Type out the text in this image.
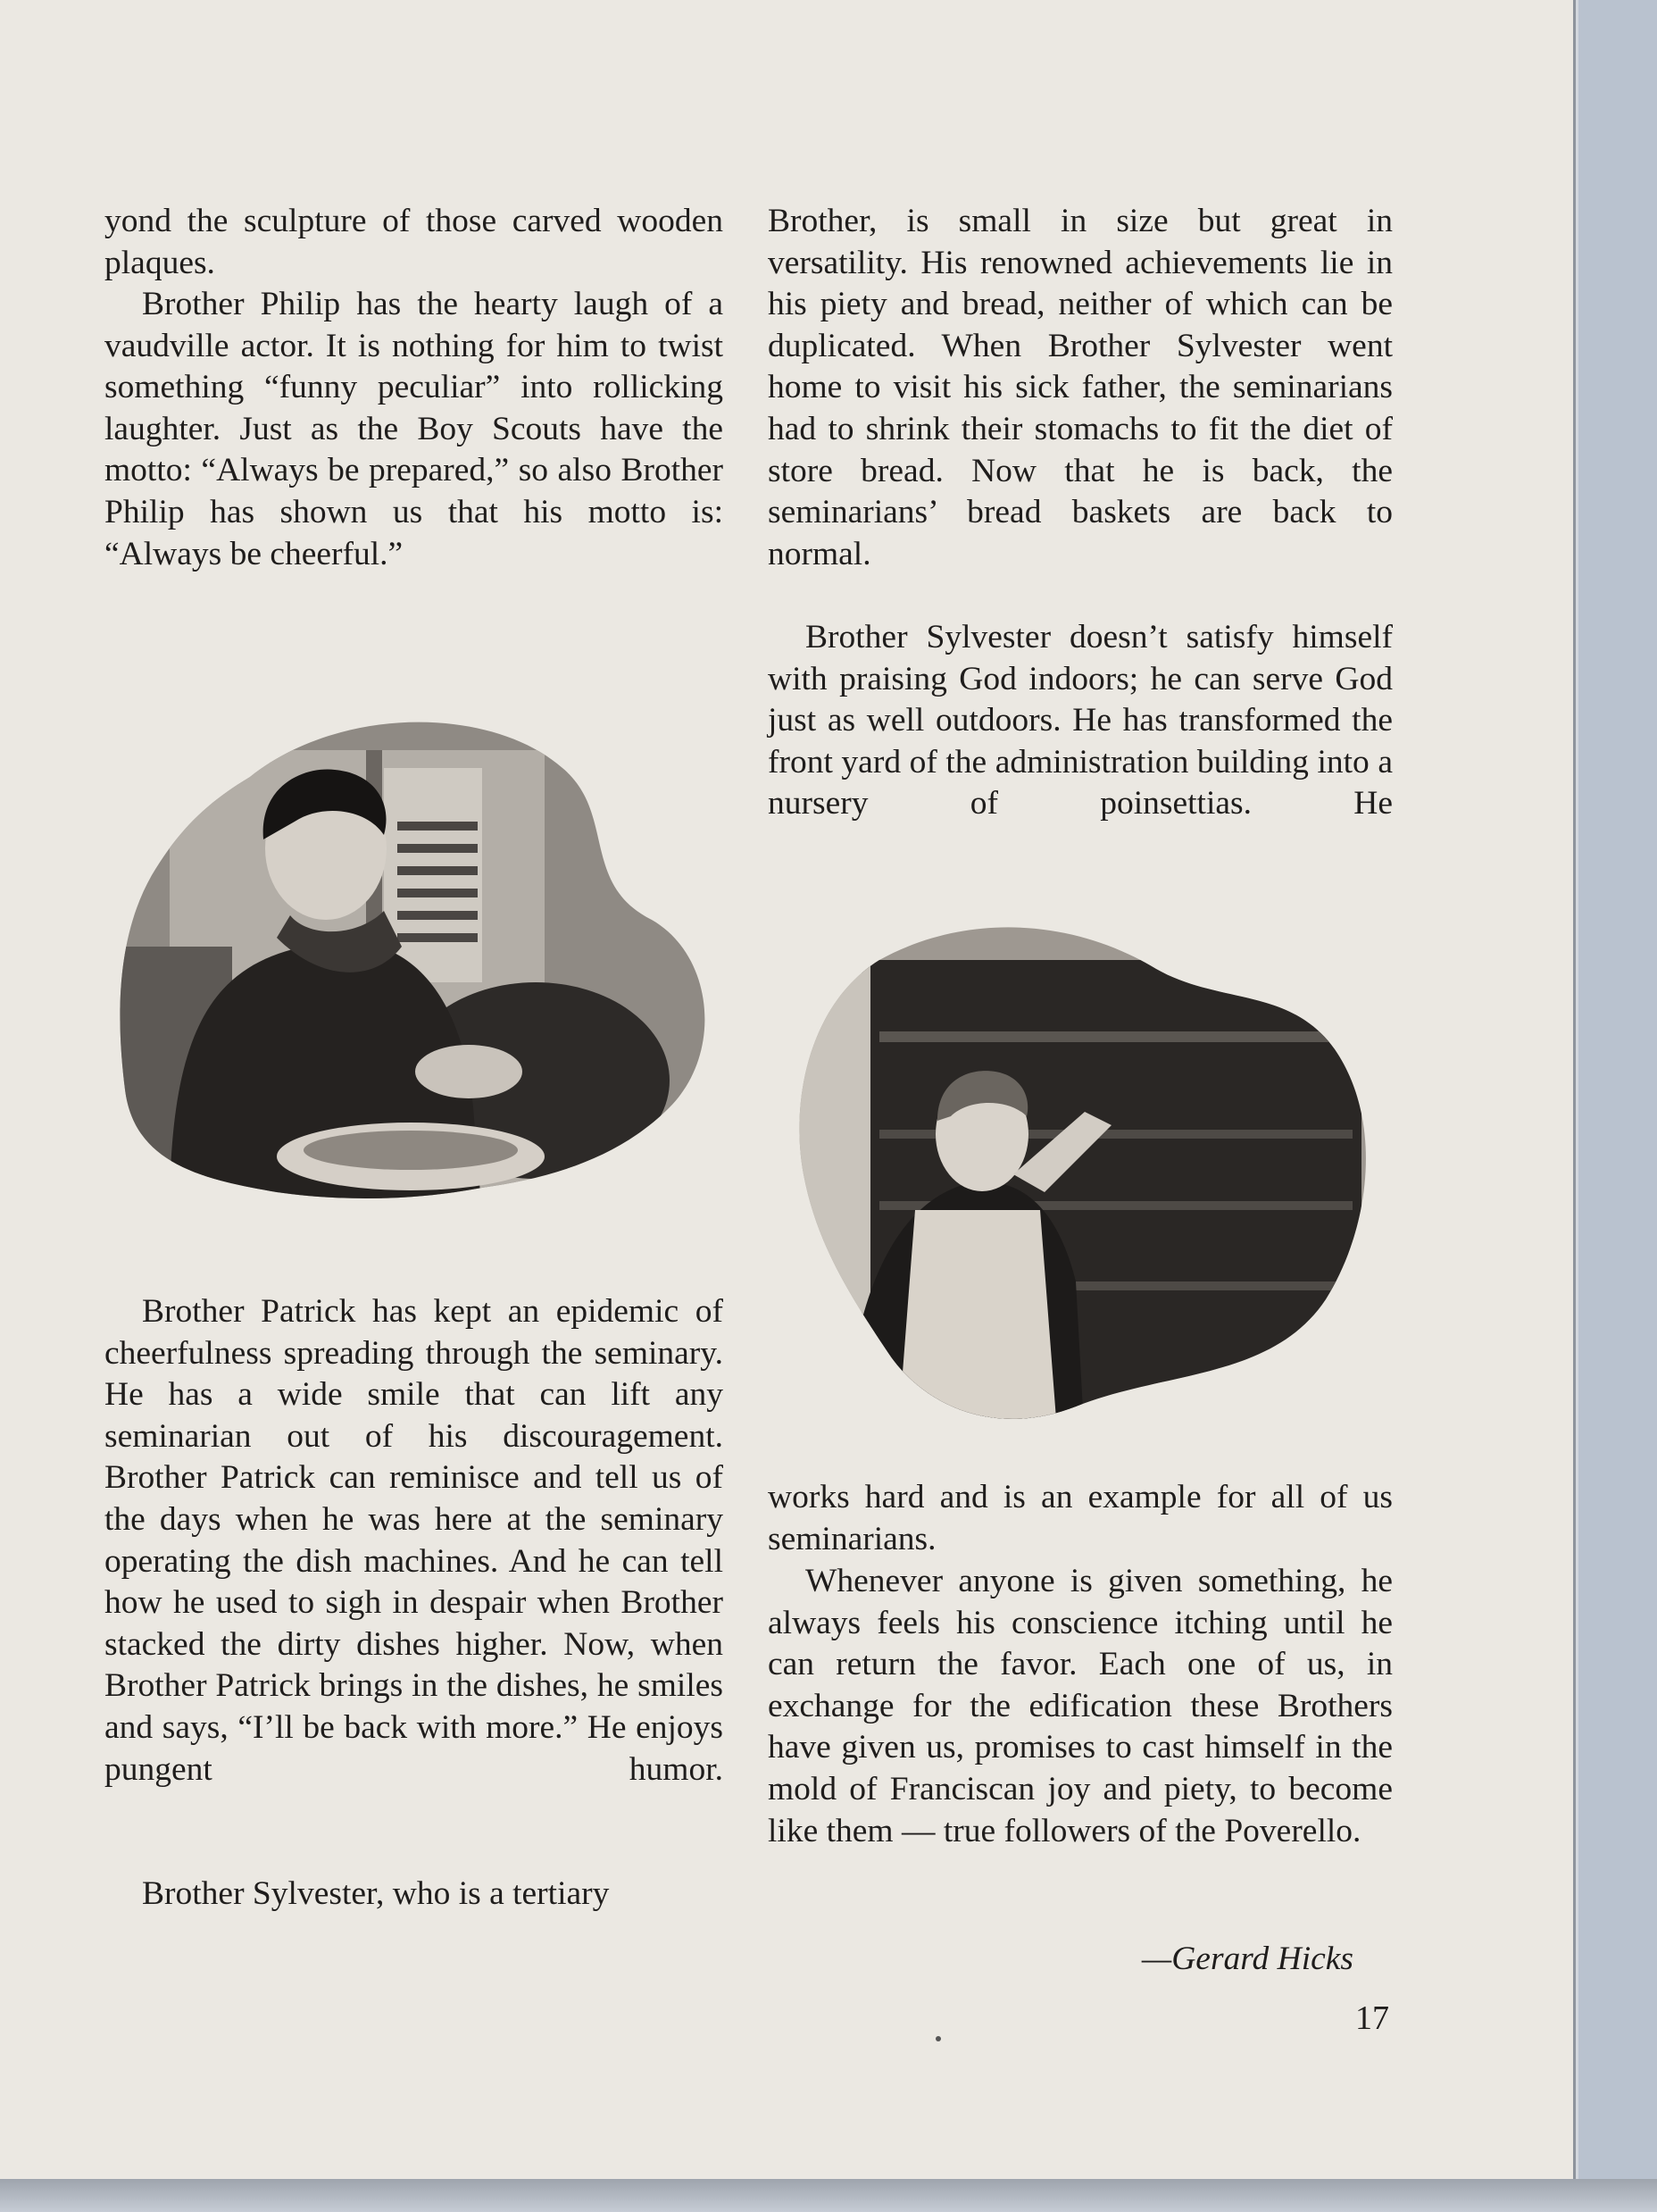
yond the sculpture of those carved wooden plaques.

Brother Philip has the hearty laugh of a vaudville actor. It is nothing for him to twist something “funny peculiar” into rollicking laughter. Just as the Boy Scouts have the motto: “Always be prepared,” so also Brother Philip has shown us that his motto is: “Always be cheerful.”

Brother Patrick has kept an epidemic of cheerfulness spreading through the seminary. He has a wide smile that can lift any seminarian out of his discouragement. Brother Patrick can reminisce and tell us of the days when he was here at the seminary operating the dish machines. And he can tell how he used to sigh in despair when Brother stacked the dirty dishes higher. Now, when Brother Patrick brings in the dishes, he smiles and says, “I’ll be back with more.” He enjoys pungent humor.

Brother Sylvester, who is a tertiary

Brother, is small in size but great in versatility. His renowned achievements lie in his piety and bread, neither of which can be duplicated. When Brother Sylvester went home to visit his sick father, the seminarians had to shrink their stomachs to fit the diet of store bread. Now that he is back, the seminarians’ bread baskets are back to normal.

Brother Sylvester doesn’t satisfy himself with praising God indoors; he can serve God just as well outdoors. He has transformed the front yard of the administration building into a nursery of poinsettias. He

works hard and is an example for all of us seminarians.

Whenever anyone is given something, he always feels his conscience itching until he can return the favor. Each one of us, in exchange for the edification these Brothers have given us, promises to cast himself in the mold of Franciscan joy and piety, to become like them — true followers of the Poverello.

—Gerard Hicks
17
